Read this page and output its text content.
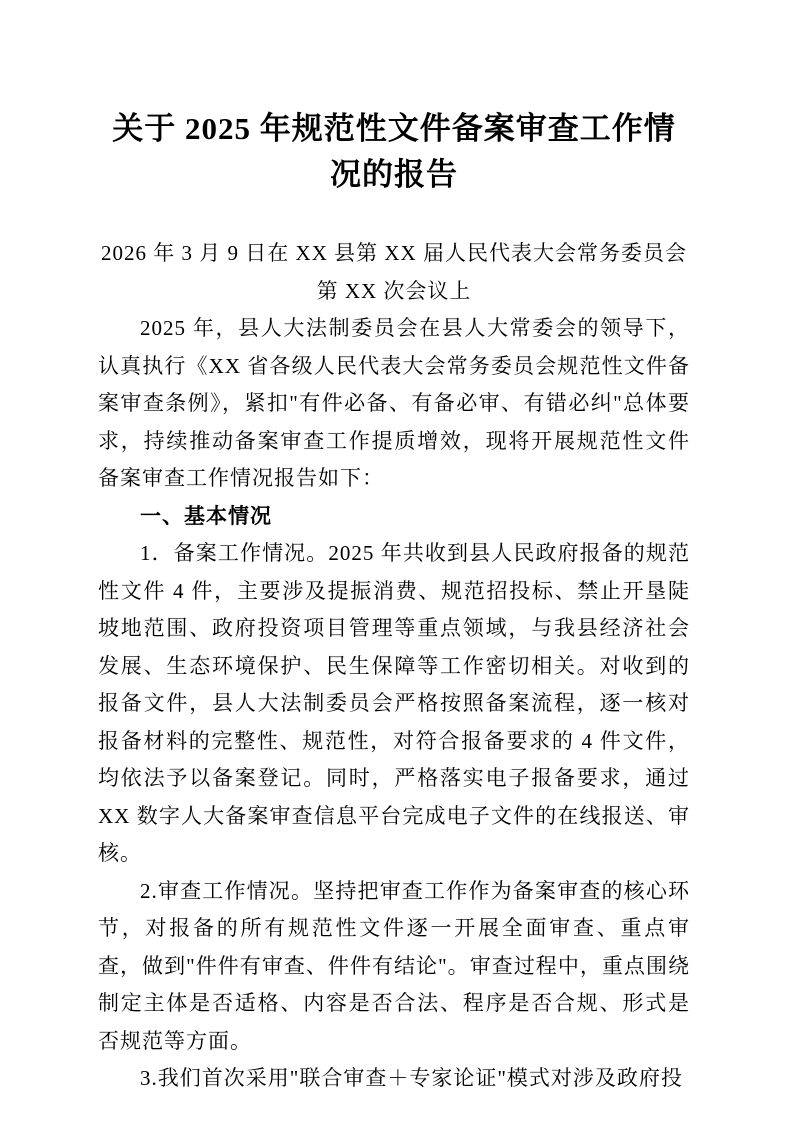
关于 2025 年规范性文件备案审查工作情况的报告
2026 年 3 月 9 日在 XX 县第 XX 届人民代表大会常务委员会第 XX 次会议上

2025 年，县人大法制委员会在县人大常委会的领导下，认真执行《XX 省各级人民代表大会常务委员会规范性文件备案审查条例》，紧扣"有件必备、有备必审、有错必纠"总体要求，持续推动备案审查工作提质增效，现将开展规范性文件备案审查工作情况报告如下：

一、基本情况

1．备案工作情况。2025 年共收到县人民政府报备的规范性文件 4 件，主要涉及提振消费、规范招投标、禁止开垦陡坡地范围、政府投资项目管理等重点领域，与我县经济社会发展、生态环境保护、民生保障等工作密切相关。对收到的报备文件，县人大法制委员会严格按照备案流程，逐一核对报备材料的完整性、规范性，对符合报备要求的 4 件文件，均依法予以备案登记。同时，严格落实电子报备要求，通过 XX 数字人大备案审查信息平台完成电子文件的在线报送、审核。

2.审查工作情况。坚持把审查工作作为备案审查的核心环节，对报备的所有规范性文件逐一开展全面审查、重点审查，做到"件件有审查、件件有结论"。审查过程中，重点围绕制定主体是否适格、内容是否合法、程序是否合规、形式是否规范等方面。

3.我们首次采用"联合审查＋专家论证"模式对涉及政府投
